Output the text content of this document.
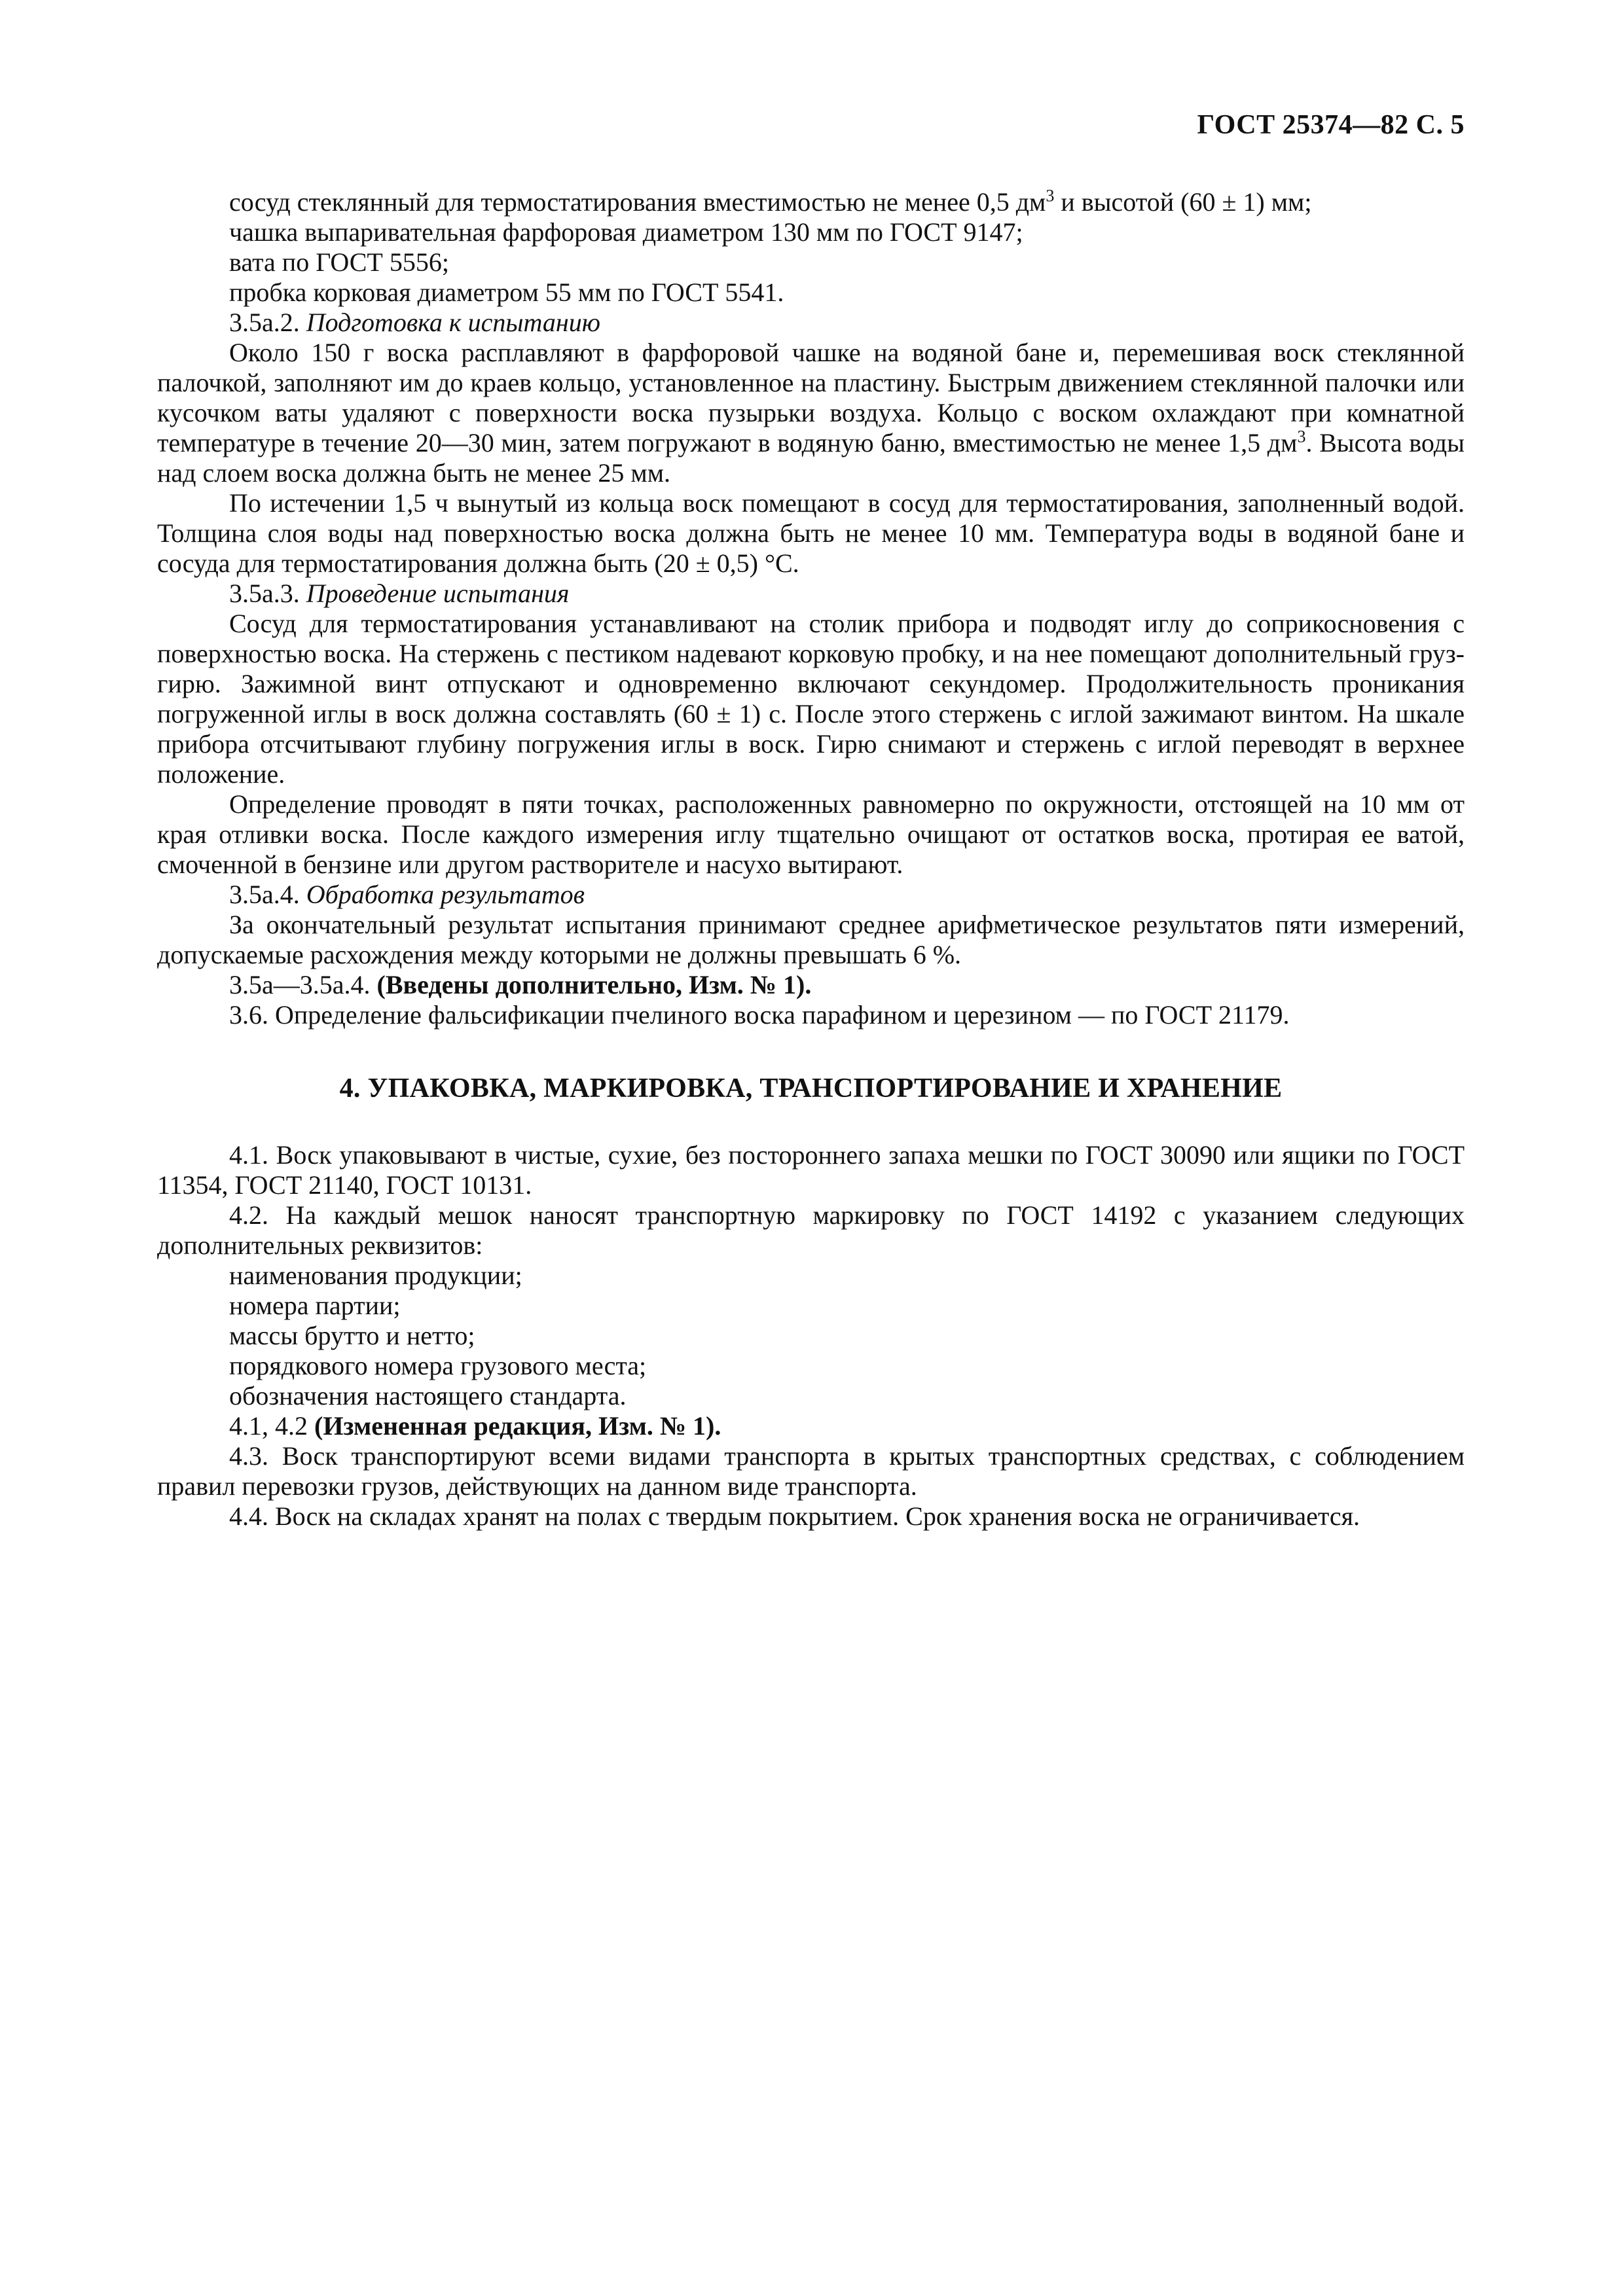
ГОСТ 25374—82 С. 5

сосуд стеклянный для термостатирования вместимостью не менее 0,5 $дм^3$ и высотой (60 ± 1) мм;

чашка выпаривательная фарфоровая диаметром 130 мм по ГОСТ 9147;

вата по ГОСТ 5556;

пробка корковая диаметром 55 мм по ГОСТ 5541.

3.5а.2. Подготовка к испытанию

Около 150 г воска расплавляют в фарфоровой чашке на водяной бане и, перемешивая воск стеклянной палочкой, заполняют им до краев кольцо, установленное на пластину. Быстрым движением стеклянной палочки или кусочком ваты удаляют с поверхности воска пузырьки воздуха. Кольцо с воском охлаждают при комнатной температуре в течение 20—30 мин, затем погружают в водяную баню, вместимостью не менее 1,5 $дм^3$. Высота воды над слоем воска должна быть не менее 25 мм.

По истечении 1,5 ч вынутый из кольца воск помещают в сосуд для термостатирования, заполненный водой. Толщина слоя воды над поверхностью воска должна быть не менее 10 мм. Температура воды в водяной бане и сосуда для термостатирования должна быть (20 ± 0,5) °С.

3.5а.3. Проведение испытания

Сосуд для термостатирования устанавливают на столик прибора и подводят иглу до соприкосновения с поверхностью воска. На стержень с пестиком надевают корковую пробку, и на нее помещают дополнительный груз-гирю. Зажимной винт отпускают и одновременно включают секундомер. Продолжительность проникания погруженной иглы в воск должна составлять (60 ± 1) с. После этого стержень с иглой зажимают винтом. На шкале прибора отсчитывают глубину погружения иглы в воск. Гирю снимают и стержень с иглой переводят в верхнее положение.

Определение проводят в пяти точках, расположенных равномерно по окружности, отстоящей на 10 мм от края отливки воска. После каждого измерения иглу тщательно очищают от остатков воска, протирая ее ватой, смоченной в бензине или другом растворителе и насухо вытирают.

3.5а.4. Обработка результатов

За окончательный результат испытания принимают среднее арифметическое результатов пяти измерений, допускаемые расхождения между которыми не должны превышать 6 %.

3.5а—3.5а.4. (Введены дополнительно, Изм. № 1).

3.6. Определение фальсификации пчелиного воска парафином и церезином — по ГОСТ 21179.

4. УПАКОВКА, МАРКИРОВКА, ТРАНСПОРТИРОВАНИЕ И ХРАНЕНИЕ

4.1. Воск упаковывают в чистые, сухие, без постороннего запаха мешки по ГОСТ 30090 или ящики по ГОСТ 11354, ГОСТ 21140, ГОСТ 10131.

4.2. На каждый мешок наносят транспортную маркировку по ГОСТ 14192 с указанием следующих дополнительных реквизитов:

наименования продукции;

номера партии;

массы брутто и нетто;

порядкового номера грузового места;

обозначения настоящего стандарта.

4.1, 4.2 (Измененная редакция, Изм. № 1).

4.3. Воск транспортируют всеми видами транспорта в крытых транспортных средствах, с соблюдением правил перевозки грузов, действующих на данном виде транспорта.

4.4. Воск на складах хранят на полах с твердым покрытием. Срок хранения воска не ограничивается.
